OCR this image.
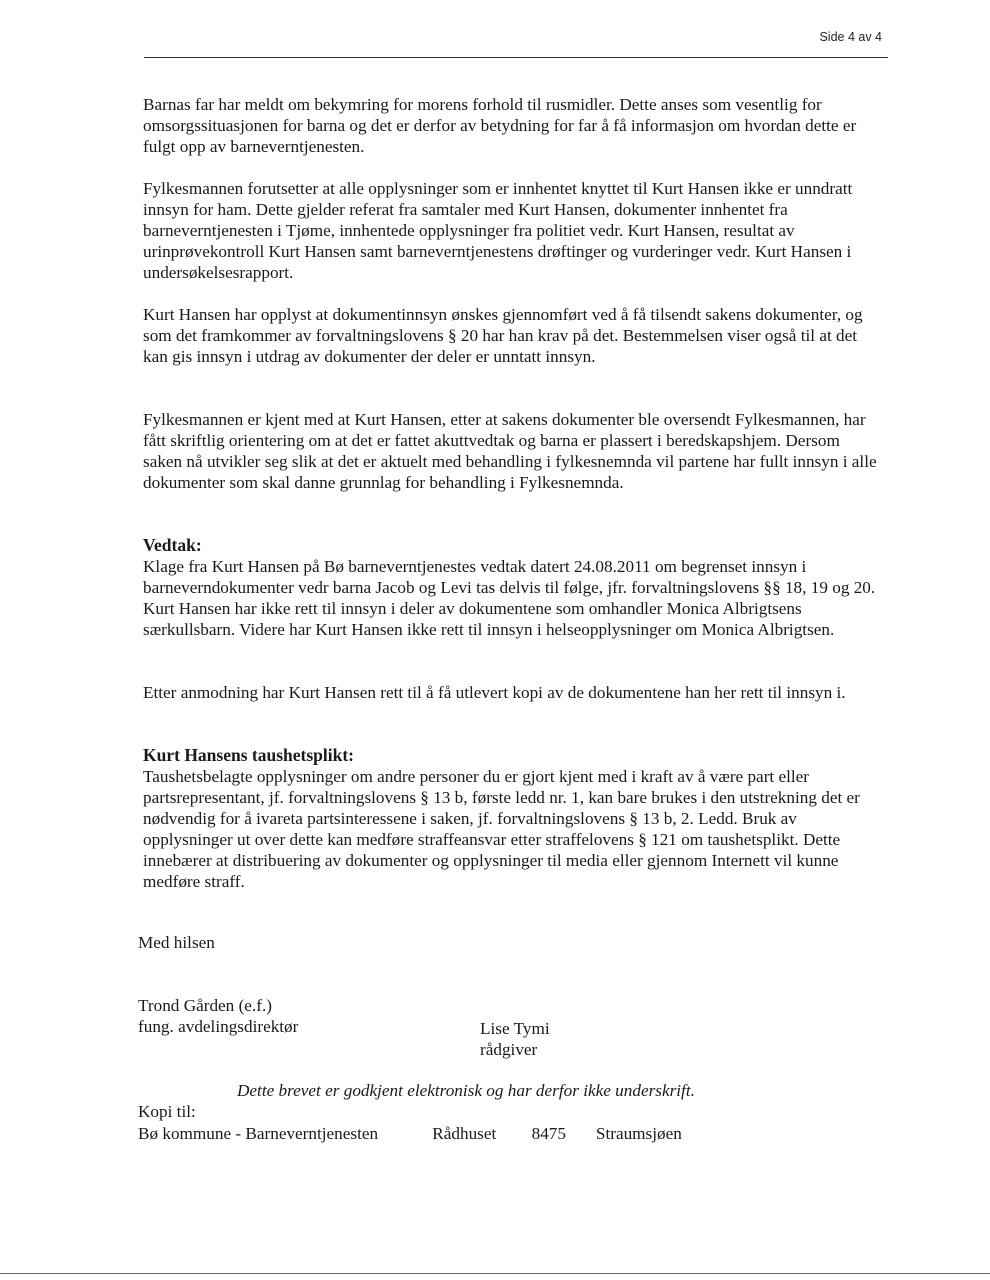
Side 4 av 4

Barnas far har meldt om bekymring for morens forhold til rusmidler. Dette anses som vesentlig for omsorgssituasjonen for barna og det er derfor av betydning for far å få informasjon om hvordan dette er fulgt opp av barneverntjenesten.

Fylkesmannen forutsetter at alle opplysninger som er innhentet knyttet til Kurt Hansen ikke er unndratt innsyn for ham. Dette gjelder referat fra samtaler med Kurt Hansen, dokumenter innhentet fra barneverntjenesten i Tjøme, innhentede opplysninger fra politiet vedr. Kurt Hansen, resultat av urinprøvekontroll Kurt Hansen samt barneverntjenestens drøftinger og vurderinger vedr. Kurt Hansen i undersøkelsesrapport.

Kurt Hansen har opplyst at dokumentinnsyn ønskes gjennomført ved å få tilsendt sakens dokumenter, og som det framkommer av forvaltningslovens § 20 har han krav på det. Bestemmelsen viser også til at det kan gis innsyn i utdrag av dokumenter der deler er unntatt innsyn.

Fylkesmannen er kjent med at Kurt Hansen, etter at sakens dokumenter ble oversendt Fylkesmannen, har fått skriftlig orientering om at det er fattet akuttvedtak og barna er plassert i beredskapshjem. Dersom saken nå utvikler seg slik at det er aktuelt med behandling i fylkesnemnda vil partene har fullt innsyn i alle dokumenter som skal danne grunnlag for behandling i Fylkesnemnda.

Vedtak:

Klage fra Kurt Hansen på Bø barneverntjenestes vedtak datert 24.08.2011 om begrenset innsyn i barneverndokumenter vedr barna Jacob og Levi tas delvis til følge, jfr. forvaltningslovens §§ 18, 19 og 20. Kurt Hansen har ikke rett til innsyn i deler av dokumentene som omhandler Monica Albrigtsens særkullsbarn. Videre har Kurt Hansen ikke rett til innsyn i helseopplysninger om Monica Albrigtsen.

Etter anmodning har Kurt Hansen rett til å få utlevert kopi av de dokumentene han her rett til innsyn i.

Kurt Hansens taushetsplikt:

Taushetsbelagte opplysninger om andre personer du er gjort kjent med i kraft av å være part eller partsrepresentant, jf. forvaltningslovens § 13 b, første ledd nr. 1, kan bare brukes i den utstrekning det er nødvendig for å ivareta partsinteressene i saken, jf. forvaltningslovens § 13 b, 2. Ledd. Bruk av opplysninger ut over dette kan medføre straffeansvar etter straffelovens § 121 om taushetsplikt. Dette innebærer at distribuering av dokumenter og opplysninger til media eller gjennom Internett vil kunne medføre straff.

Med hilsen
Trond Gården (e.f.)
fung. avdelingsdirektør	Lise Tymi
rådgiver
Dette brevet er godkjent elektronisk og har derfor ikke underskrift.
Kopi til:
Bø kommune - Barneverntjenesten	Rådhuset 8475 Straumsjøen
